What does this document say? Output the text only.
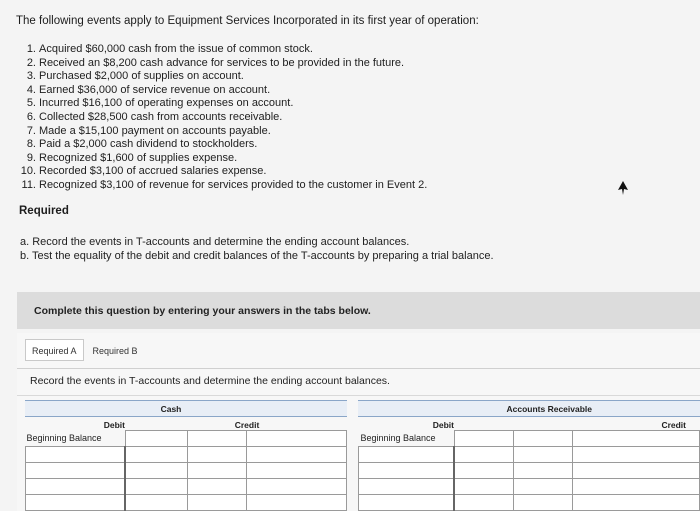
The following events apply to Equipment Services Incorporated in its first year of operation:
1. Acquired $60,000 cash from the issue of common stock.
2. Received an $8,200 cash advance for services to be provided in the future.
3. Purchased $2,000 of supplies on account.
4. Earned $36,000 of service revenue on account.
5. Incurred $16,100 of operating expenses on account.
6. Collected $28,500 cash from accounts receivable.
7. Made a $15,100 payment on accounts payable.
8. Paid a $2,000 cash dividend to stockholders.
9. Recognized $1,600 of supplies expense.
10. Recorded $3,100 of accrued salaries expense.
11. Recognized $3,100 of revenue for services provided to the customer in Event 2.
Required
a. Record the events in T-accounts and determine the ending account balances.
b. Test the equality of the debit and credit balances of the T-accounts by preparing a trial balance.
Complete this question by entering your answers in the tabs below.
Required A	Required B
Record the events in T-accounts and determine the ending account balances.
Cash
Debit	Credit
Beginning Balance			

Accounts Receivable
Debit	Credit
Beginning Balance			
